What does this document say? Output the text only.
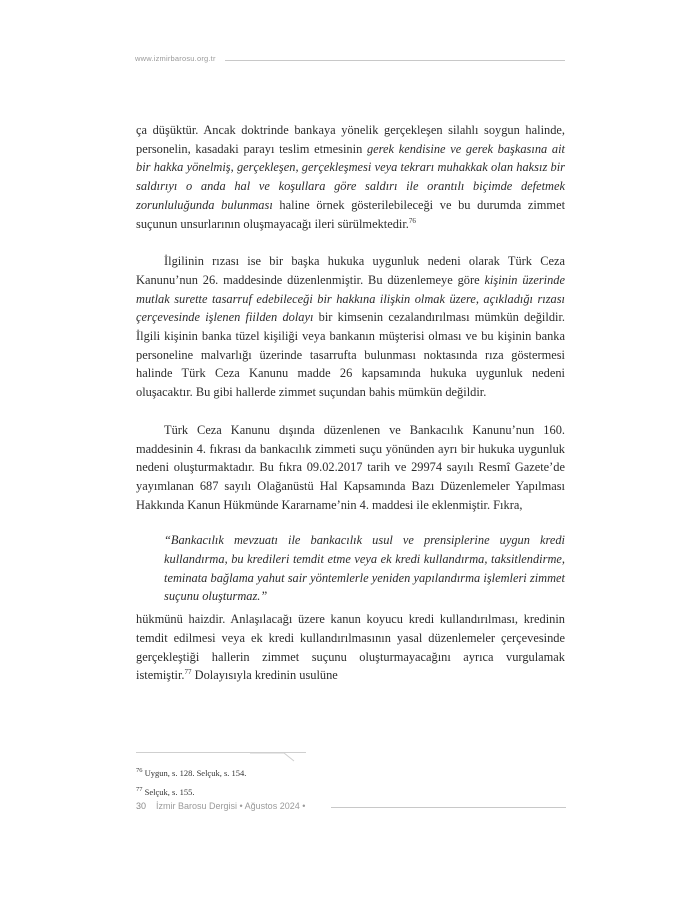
www.izmirbarosu.org.tr

ça düşüktür. Ancak doktrinde bankaya yönelik gerçekleşen silahlı soygun halinde, personelin, kasadaki parayı teslim etmesinin gerek kendisine ve gerek başkasına ait bir hakka yönelmiş, gerçekleşen, gerçekleşmesi veya tekrarı muhakkak olan haksız bir saldırıyı o anda hal ve koşullara göre saldırı ile orantılı biçimde defetmek zorunluluğunda bulunması haline örnek gösterilebileceği ve bu durumda zimmet suçunun unsurlarının oluşmayacağı ileri sürülmektedir.$^{76}$

İlgilinin rızası ise bir başka hukuka uygunluk nedeni olarak Türk Ceza Kanunu’nun 26. maddesinde düzenlenmiştir. Bu düzenlemeye göre kişinin üzerinde mutlak surette tasarruf edebileceği bir hakkına ilişkin olmak üzere, açıkladığı rızası çerçevesinde işlenen fiilden dolayı bir kimsenin cezalandırılması mümkün değildir. İlgili kişinin banka tüzel kişiliği veya bankanın müşterisi olması ve bu kişinin banka personeline malvarlığı üzerinde tasarrufta bulunması noktasında rıza göstermesi halinde Türk Ceza Kanunu madde 26 kapsamında hukuka uygunluk nedeni oluşacaktır. Bu gibi hallerde zimmet suçundan bahis mümkün değildir.

Türk Ceza Kanunu dışında düzenlenen ve Bankacılık Kanunu’nun 160. maddesinin 4. fıkrası da bankacılık zimmeti suçu yönünden ayrı bir hukuka uygunluk nedeni oluşturmaktadır. Bu fıkra 09.02.2017 tarih ve 29974 sayılı Resmî Gazete’de yayımlanan 687 sayılı Olağanüstü Hal Kapsamında Bazı Düzenlemeler Yapılması Hakkında Kanun Hükmünde Kararname’nin 4. maddesi ile eklenmiştir. Fıkra,

“Bankacılık mevzuatı ile bankacılık usul ve prensiplerine uygun kredi kullandırma, bu kredileri temdit etme veya ek kredi kullandırma, taksitlendirme, teminata bağlama yahut sair yöntemlerle yeniden yapılandırma işlemleri zimmet suçunu oluşturmaz.”

hükmünü haizdir. Anlaşılacağı üzere kanun koyucu kredi kullandırılması, kredinin temdit edilmesi veya ek kredi kullandırılmasının yasal düzenlemeler çerçevesinde gerçekleştiği hallerin zimmet suçunu oluşturmayacağını ayrıca vurgulamak istemiştir.$^{77}$ Dolayısıyla kredinin usulüne

$^{76}$ Uygun, s. 128. Selçuk, s. 154.
$^{77}$ Selçuk, s. 155.
30 İzmir Barosu Dergisi • Ağustos 2024 •
